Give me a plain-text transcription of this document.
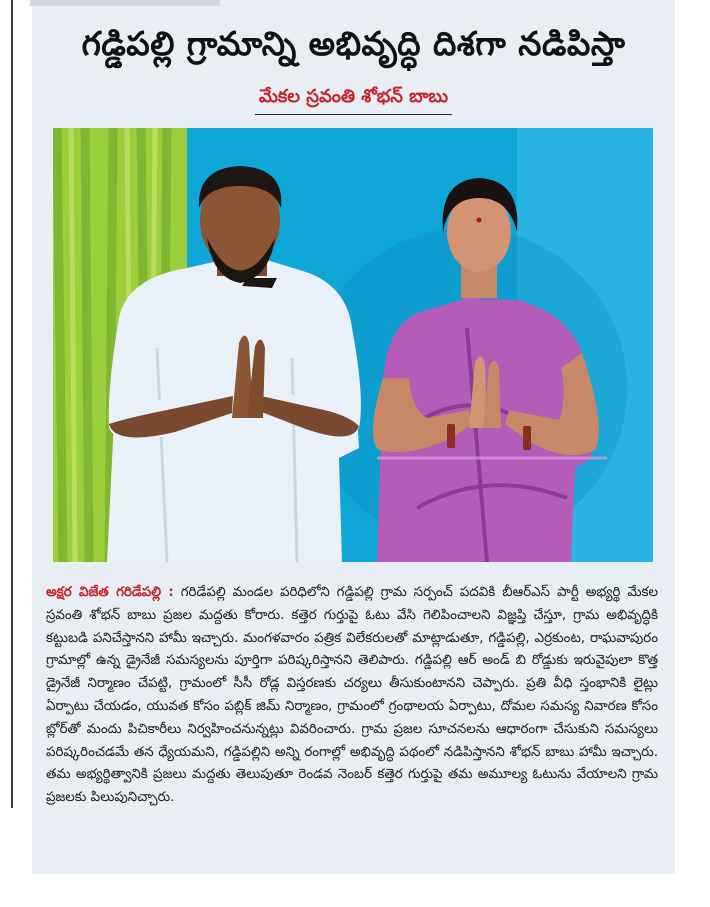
గడ్డిపల్లి గ్రామాన్ని అభివృద్ధి దిశగా నడిపిస్తా
మేకల స్రవంతి శోభన్ బాబు
అక్షర విజేత గరిడేపల్లి : గరిడేపల్లి మండల పరిధిలోని గడ్డిపల్లి గ్రామ సర్పంచ్ పదవికి బీఆర్ఎస్ పార్టీ అభ్యర్థి మేకల స్రవంతి శోభన్ బాబు ప్రజల మద్దతు కోరారు. కత్తెర గుర్తుపై ఓటు వేసి గెలిపించాలని విజ్ఞప్తి చేస్తూ, గ్రామ అభివృద్ధికి కట్టుబడి పనిచేస్తానని హామీ ఇచ్చారు. మంగళవారం పత్రిక విలేకరులతో మాట్లాడుతూ, గడ్డిపల్లి, ఎర్రకుంట, రాఘవాపురం గ్రామాల్లో ఉన్న డ్రైనేజీ సమస్యలను పూర్తిగా పరిష్కరిస్తానని తెలిపారు. గడ్డిపల్లి ఆర్ అండ్ బి రోడ్డుకు ఇరువైపులా కొత్త డ్రైనేజీ నిర్మాణం చేపట్టి, గ్రామంలో సీసీ రోడ్ల విస్తరణకు చర్యలు తీసుకుంటానని చెప్పారు. ప్రతి వీధి స్తంభానికి లైట్లు ఏర్పాటు చేయడం, యువత కోసం పబ్లిక్ జిమ్ నిర్మాణం, గ్రామంలో గ్రంథాలయ ఏర్పాటు, దోమల సమస్య నివారణ కోసం బ్లోర్‌తో మందు పిచికారీలు నిర్వహించనున్నట్లు వివరించారు. గ్రామ ప్రజల సూచనలను ఆధారంగా చేసుకుని సమస్యలు పరిష్కరించడమే తన ధ్యేయమని, గడ్డిపల్లిని అన్ని రంగాల్లో అభివృద్ధి పథంలో నడిపిస్తానని శోభన్ బాబు హామీ ఇచ్చారు. తమ అభ్యర్థిత్వానికి ప్రజలు మద్దతు తెలుపుతూ రెండవ నెంబర్ కత్తెర గుర్తుపై తమ అమూల్య ఓటును వేయాలని గ్రామ ప్రజలకు పిలుపునిచ్చారు.
